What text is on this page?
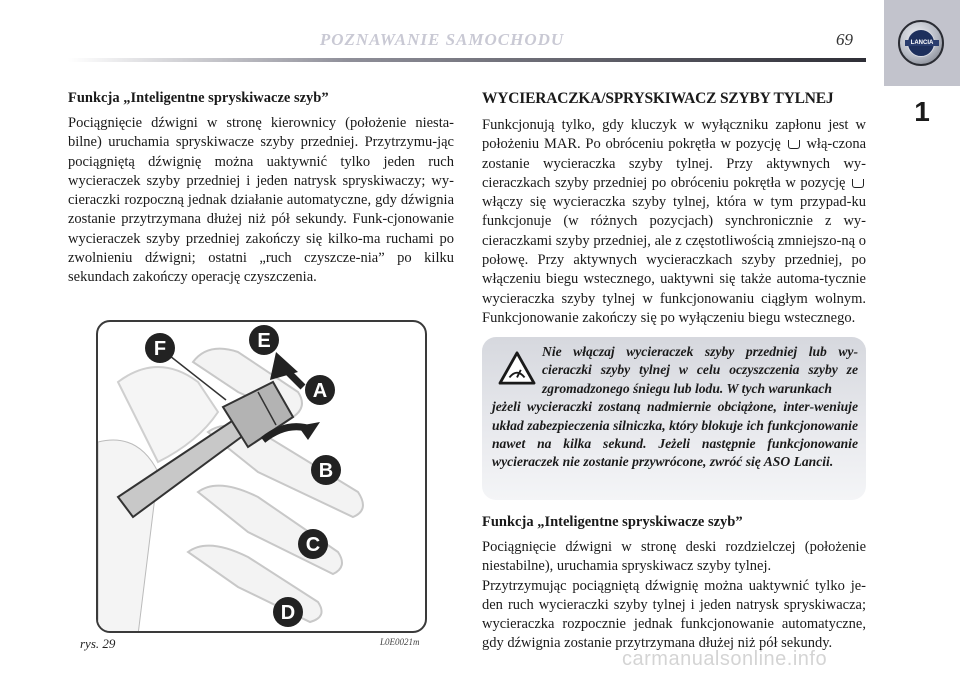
POZNAWANIE SAMOCHODU	69	LANCIA
1
Funkcja „Inteligentne spryskiwacze szyb”

Pociągnięcie dźwigni w stronę kierownicy (położenie niesta-bilne) uruchamia spryskiwacze szyby przedniej. Przytrzymu-jąc pociągniętą dźwignię można uaktywnić tylko jeden ruch wycieraczek szyby przedniej i jeden natrysk spryskiwaczy; wy-cieraczki rozpoczną jednak działanie automatyczne, gdy dźwignia zostanie przytrzymana dłużej niż pół sekundy. Funk-cjonowanie wycieraczek szyby przedniej zakończy się kilko-ma ruchami po zwolnieniu dźwigni; ostatni „ruch czyszcze-nia” po kilku sekundach zakończy operację czyszczenia.

WYCIERACZKA/SPRYSKIWACZ SZYBY TYLNEJ

Funkcjonują tylko, gdy kluczyk w wyłączniku zapłonu jest w położeniu MAR. Po obróceniu pokrętła w pozycję włą-czona zostanie wycieraczka szyby tylnej. Przy aktywnych wy-cieraczkach szyby przedniej po obróceniu pokrętła w pozycję  włączy się wycieraczka szyby tylnej, która w tym przypad-ku funkcjonuje (w różnych pozycjach) synchronicznie z wy-cieraczkami szyby przedniej, ale z częstotliwością zmniejszo-ną o połowę. Przy aktywnych wycieraczkach szyby przedniej, po włączeniu biegu wstecznego, uaktywni się także automa-tycznie wycieraczka szyby tylnej w funkcjonowaniu ciągłym wolnym. Funkcjonowanie zakończy się po wyłączeniu biegu wstecznego.

Nie włączaj wycieraczek szyby przedniej lub wy-cieraczki szyby tylnej w celu oczyszczenia szyby ze zgromadzonego śniegu lub lodu. W tych warunkach
jeżeli wycieraczki zostaną nadmiernie obciążone, inter-weniuje układ zabezpieczenia silniczka, który blokuje ich funkcjonowanie nawet na kilka sekund. Jeżeli następnie funkcjonowanie wycieraczek nie zostanie przywrócone, zwróć się ASO Lancii.
Funkcja „Inteligentne spryskiwacze szyb”

Pociągnięcie dźwigni w stronę deski rozdzielczej (położenie niestabilne), uruchamia spryskiwacz szyby tylnej.

Przytrzymując pociągniętą dźwignię można uaktywnić tylko je-den ruch wycieraczki szyby tylnej i jeden natrysk spryskiwacza; wycieraczka rozpocznie jednak funkcjonowanie automatyczne, gdy dźwignia zostanie przytrzymana dłużej niż pół sekundy.

F	E
A
B
C
D
rys. 29	L0E0021m
carmanualsonline.info
